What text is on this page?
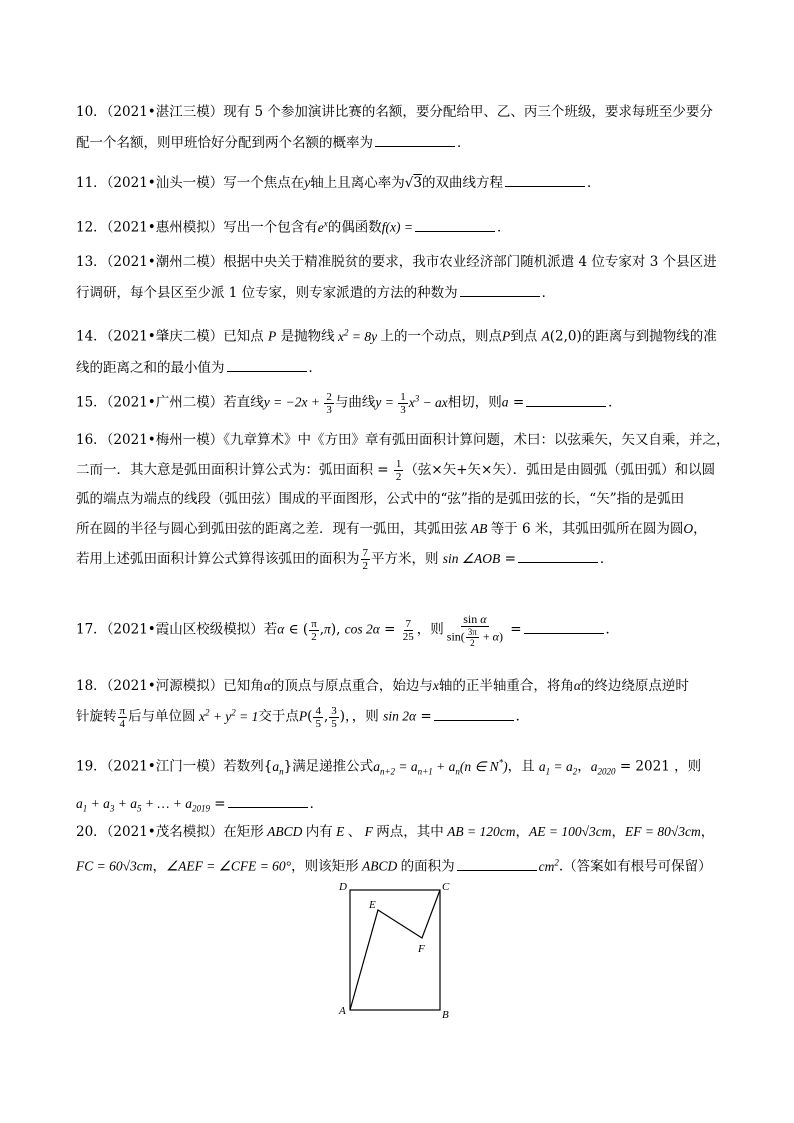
10．（2021•湛江三模）现有 5 个参加演讲比赛的名额，要分配给甲、乙、丙三个班级，要求每班至少要分
配一个名额，则甲班恰好分配到两个名额的概率为	．
11．（2021•汕头一模）写一个焦点在y轴上且离心率为√3的双曲线方程	．
12．（2021•惠州模拟）写出一个包含有$e^x$的偶函数f(x) =	．
13．（2021•潮州二模）根据中央关于精准脱贫的要求，我市农业经济部门随机派遣 4 位专家对 3 个县区进
行调研，每个县区至少派 1 位专家，则专家派遣的方法的种数为	．
14．（2021•肇庆二模）已知点 P 是抛物线 $x^2 = 8y$ 上的一个动点，则点P到点 A(2,0)的距离与到抛物线的准
线的距离之和的最小值为	．
15．（2021•广州二模）若直线$y = -2x + \frac{2}{3}$ 与曲线$y = \frac{1}{3} x^3$ − ax相切，则a =	．
16．（2021•梅州一模）《九章算术》中《方田》章有弧田面积计算问题，术曰：以弦乘矢，矢又自乘，并之，
二而一．其大意是弧田面积计算公式为：弧田面积 = $\frac{1}{2}$ （弦×矢+矢×矢）．弧田是由圆弧（弧田弧）和以圆
弧的端点为端点的线段（弧田弦）围成的平面图形，公式中的“弦”指的是弧田弦的长，“矢”指的是弧田
所在圆的半径与圆心到弧田弦的距离之差．现有一弧田，其弧田弦 AB 等于 6 米，其弧田弧所在圆为圆O，
若用上述弧田面积计算公式算得该弧田的面积为 $\frac{7}{2}$ 平方米，则 sin ∠AOB =	．
17．（2021•霞山区校级模拟）若α ∈ ( $\frac{\pi}{2} ,\pi$), $\cos 2\alpha = \frac{7}{25}$ ，则 $\frac{\text{sin α}}{\sin( \frac{3\pi}{2} + \alpha)}$ =	．
18．（2021•河源模拟）已知角α的顶点与原点重合，始边与x轴的正半轴重合，将角α的终边绕原点逆时
针旋转 $\frac{\pi}{4}$ 后与单位圆 $x^2 + y^2 = 1$交于点$P( \frac{4}{5}$ , $\frac{3}{5}$ )，，则 sin 2α =	．
19．（2021•江门一模）若数列$\{a_n\}$满足递推公式$a_{n+2} = a_{n+1} + a_n(n$ ∈ N*)，且 $a_1 = a_2$，$a_{2020} = 2021$ ，则
$a_1 + a_3 + a_5$ + … + $a_{2019}$ =	．
20．（2021•茂名模拟）在矩形 ABCD 内有 E 、 F 两点，其中 AB = 120cm，AE = 100√3cm，EF = 80√3cm，
FC = 60√3cm，∠AEF = ∠CFE = 60°，则该矩形 ABCD 的面积为	$cm^2$.（答案如有根号可保留）
A	B
C
D
E
F
